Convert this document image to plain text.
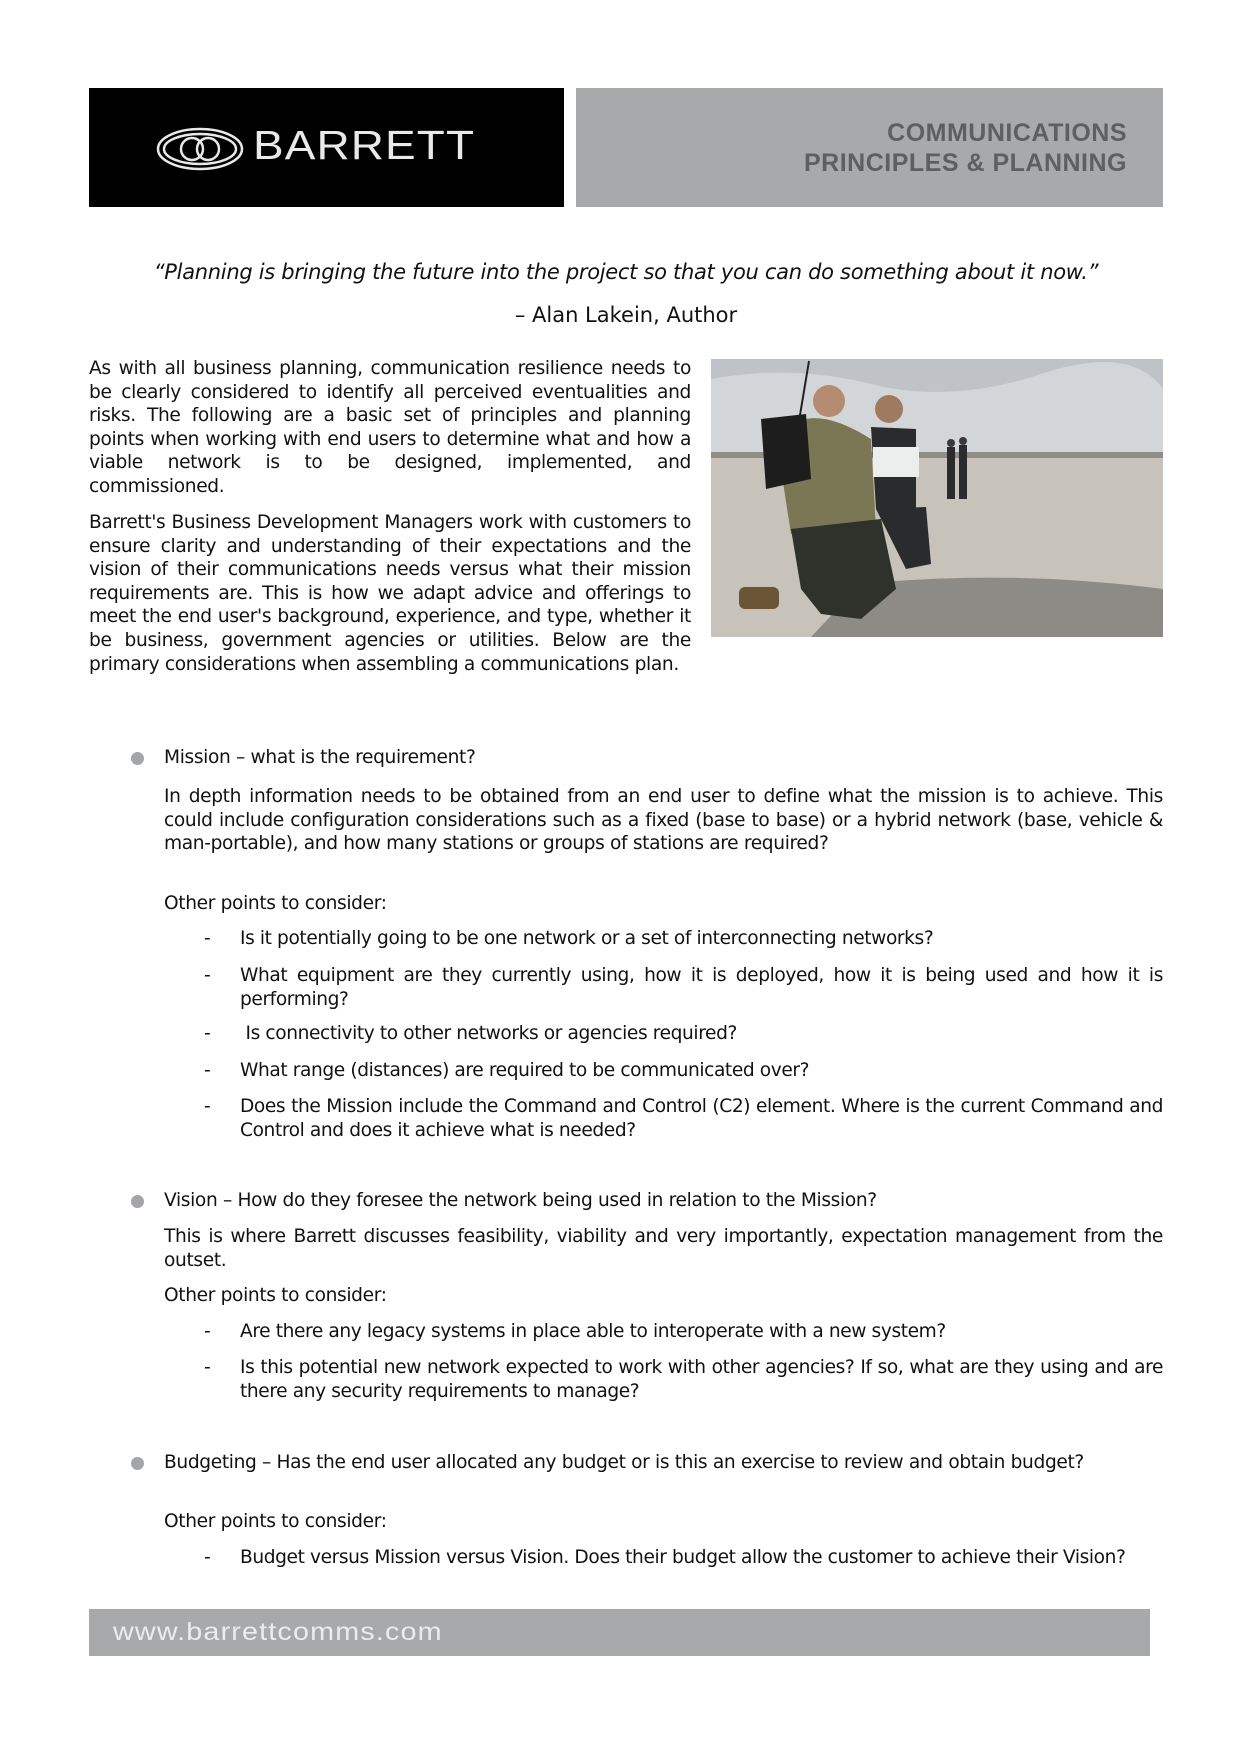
BARRETT	COMMUNICATIONS
PRINCIPLES & PLANNING
“Planning is bringing the future into the project so that you can do something about it now.”
– Alan Lakein, Author
As with all business planning, communication resilience needs to be clearly considered to identify all perceived eventualities and risks. The following are a basic set of principles and planning points when working with end users to determine what and how a viable network is to be designed, implemented, and commissioned.
Barrett's Business Development Managers work with customers to ensure clarity and understanding of their expectations and the vision of their communications needs versus what their mission requirements are. This is how we adapt advice and offerings to meet the end user's background, experience, and type, whether it be business, government agencies or utilities. Below are the primary considerations when assembling a communications plan.
Mission – what is the requirement?
In depth information needs to be obtained from an end user to define what the mission is to achieve. This could include configuration considerations such as a fixed (base to base) or a hybrid network (base, vehicle & man-portable), and how many stations or groups of stations are required?
Other points to consider:
- Is it potentially going to be one network or a set of interconnecting networks?
- What equipment are they currently using, how it is deployed, how it is being used and how it is performing?
- Is connectivity to other networks or agencies required?
- What range (distances) are required to be communicated over?
- Does the Mission include the Command and Control (C2) element. Where is the current Command and Control and does it achieve what is needed?
Vision – How do they foresee the network being used in relation to the Mission?
This is where Barrett discusses feasibility, viability and very importantly, expectation management from the outset.
Other points to consider:
- Are there any legacy systems in place able to interoperate with a new system?
- Is this potential new network expected to work with other agencies? If so, what are they using and are there any security requirements to manage?
Budgeting – Has the end user allocated any budget or is this an exercise to review and obtain budget?
Other points to consider:
- Budget versus Mission versus Vision. Does their budget allow the customer to achieve their Vision?
www.barrettcomms.com
